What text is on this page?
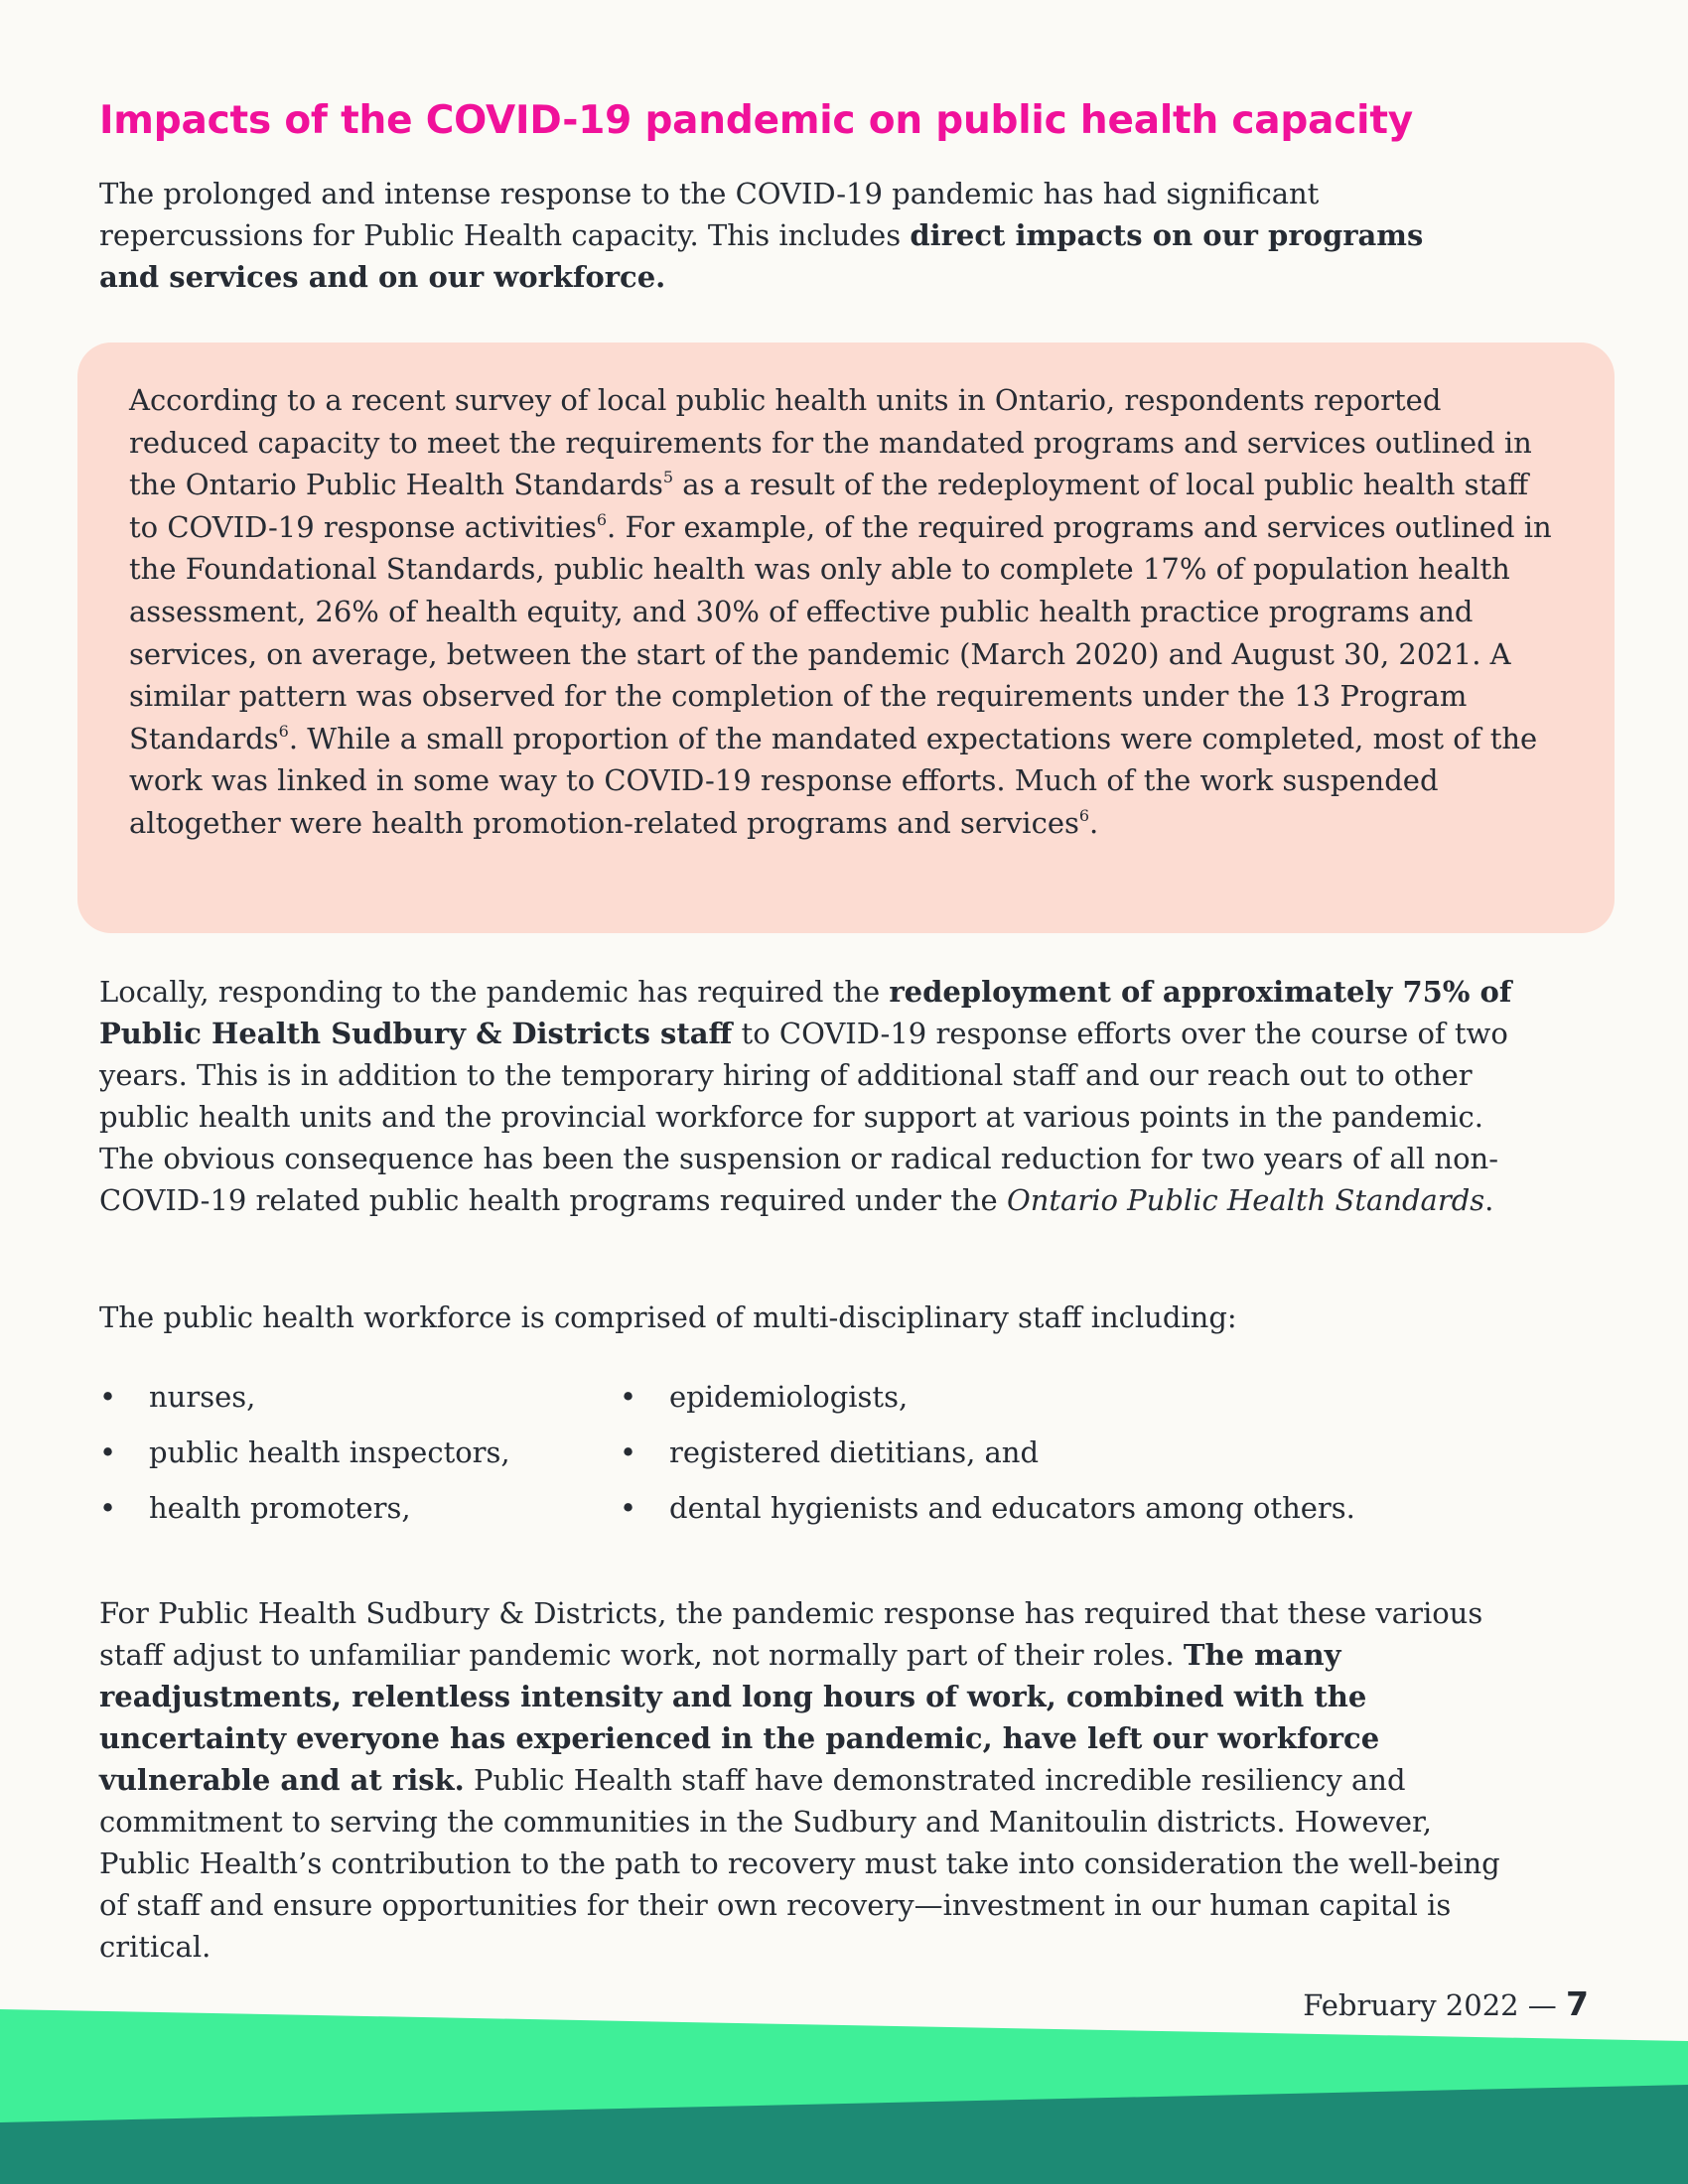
Impacts of the COVID-19 pandemic on public health capacity

The prolonged and intense response to the COVID-19 pandemic has had significant repercussions for Public Health capacity. This includes direct impacts on our programs and services and on our workforce.

According to a recent survey of local public health units in Ontario, respondents reported reduced capacity to meet the requirements for the mandated programs and services outlined in the Ontario Public Health Standards$^5$ as a result of the redeployment of local public health staff to COVID-19 response activities$^6$. For example, of the required programs and services outlined in the Foundational Standards, public health was only able to complete 17% of population health assessment, 26% of health equity, and 30% of effective public health practice programs and services, on average, between the start of the pandemic (March 2020) and August 30, 2021. A similar pattern was observed for the completion of the requirements under the 13 Program Standards$^6$. While a small proportion of the mandated expectations were completed, most of the work was linked in some way to COVID-19 response efforts. Much of the work suspended altogether were health promotion-related programs and services$^6$.

Locally, responding to the pandemic has required the redeployment of approximately 75% of Public Health Sudbury & Districts staff to COVID-19 response efforts over the course of two years. This is in addition to the temporary hiring of additional staff and our reach out to other public health units and the provincial workforce for support at various points in the pandemic. The obvious consequence has been the suspension or radical reduction for two years of all non-COVID-19 related public health programs required under the Ontario Public Health Standards.

The public health workforce is comprised of multi-disciplinary staff including:

• nurses,
• public health inspectors,
• health promoters,
• epidemiologists,
• registered dietitians, and
• dental hygienists and educators among others.

For Public Health Sudbury & Districts, the pandemic response has required that these various staff adjust to unfamiliar pandemic work, not normally part of their roles. The many readjustments, relentless intensity and long hours of work, combined with the uncertainty everyone has experienced in the pandemic, have left our workforce vulnerable and at risk. Public Health staff have demonstrated incredible resiliency and commitment to serving the communities in the Sudbury and Manitoulin districts. However, Public Health’s contribution to the path to recovery must take into consideration the well-being of staff and ensure opportunities for their own recovery—investment in our human capital is critical.

February 2022 — 7
